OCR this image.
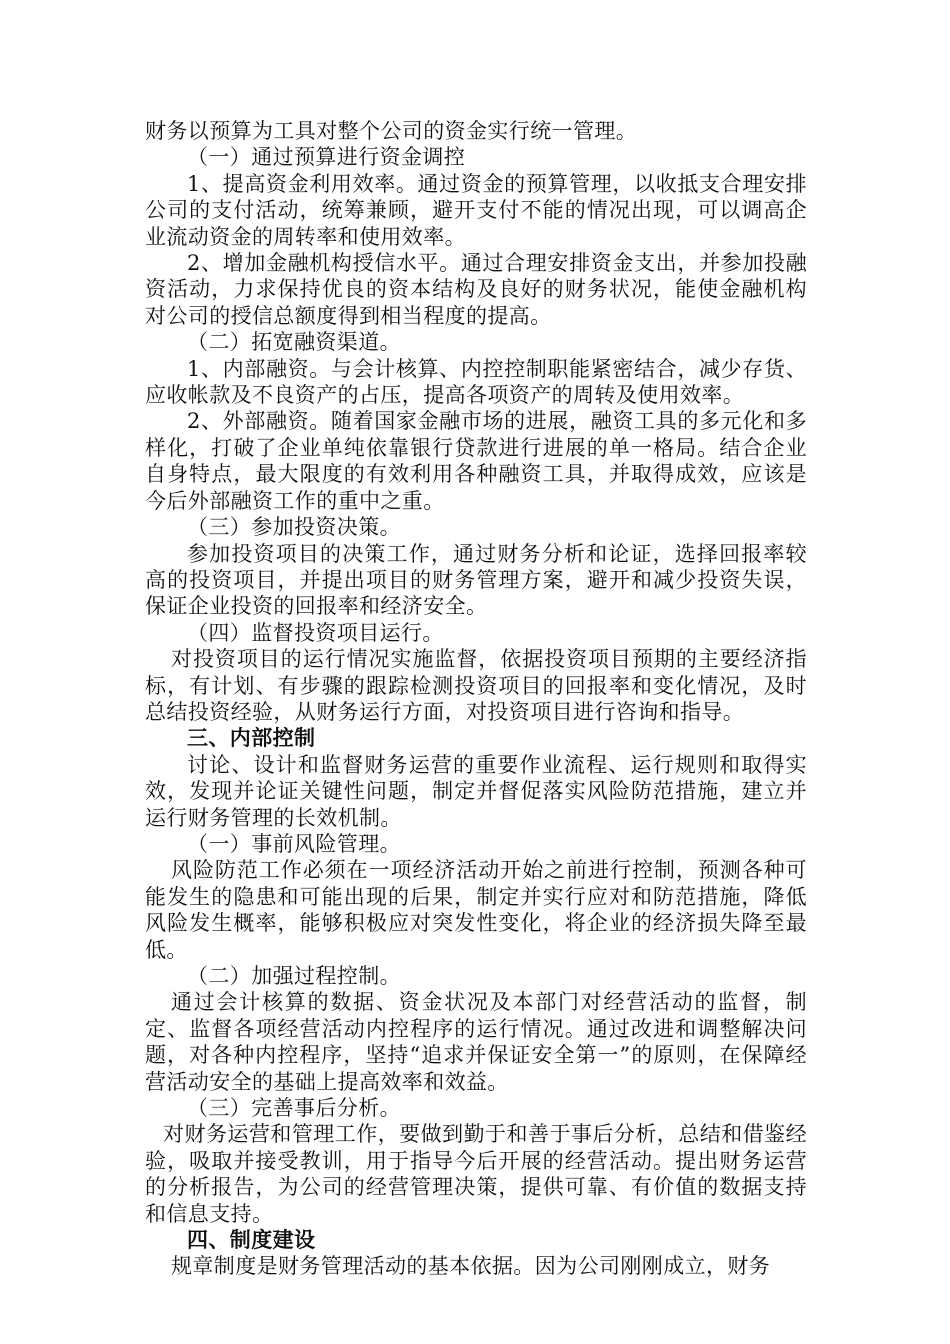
财务以预算为工具对整个公司的资金实行统一管理。

（一）通过预算进行资金调控

1、提高资金利用效率。通过资金的预算管理，以收抵支合理安排公司的支付活动，统筹兼顾，避开支付不能的情况出现，可以调高企业流动资金的周转率和使用效率。

2、增加金融机构授信水平。通过合理安排资金支出，并参加投融资活动，力求保持优良的资本结构及良好的财务状况，能使金融机构对公司的授信总额度得到相当程度的提高。

（二）拓宽融资渠道。

1、内部融资。与会计核算、内控控制职能紧密结合，减少存货、应收帐款及不良资产的占压，提高各项资产的周转及使用效率。

2、外部融资。随着国家金融市场的进展，融资工具的多元化和多样化，打破了企业单纯依靠银行贷款进行进展的单一格局。结合企业自身特点，最大限度的有效利用各种融资工具，并取得成效，应该是今后外部融资工作的重中之重。

（三）参加投资决策。

参加投资项目的决策工作，通过财务分析和论证，选择回报率较高的投资项目，并提出项目的财务管理方案，避开和减少投资失误，保证企业投资的回报率和经济安全。

（四）监督投资项目运行。

对投资项目的运行情况实施监督，依据投资项目预期的主要经济指标，有计划、有步骤的跟踪检测投资项目的回报率和变化情况，及时总结投资经验，从财务运行方面，对投资项目进行咨询和指导。

三、内部控制

讨论、设计和监督财务运营的重要作业流程、运行规则和取得实效，发现并论证关键性问题，制定并督促落实风险防范措施，建立并运行财务管理的长效机制。

（一）事前风险管理。

风险防范工作必须在一项经济活动开始之前进行控制，预测各种可能发生的隐患和可能出现的后果，制定并实行应对和防范措施，降低风险发生概率，能够积极应对突发性变化，将企业的经济损失降至最低。

（二）加强过程控制。

通过会计核算的数据、资金状况及本部门对经营活动的监督，制定、监督各项经营活动内控程序的运行情况。通过改进和调整解决问题，对各种内控程序，坚持“追求并保证安全第一”的原则，在保障经营活动安全的基础上提高效率和效益。

（三）完善事后分析。

对财务运营和管理工作，要做到勤于和善于事后分析，总结和借鉴经验，吸取并接受教训，用于指导今后开展的经营活动。提出财务运营的分析报告，为公司的经营管理决策，提供可靠、有价值的数据支持和信息支持。

四、制度建设

规章制度是财务管理活动的基本依据。因为公司刚刚成立，财务
